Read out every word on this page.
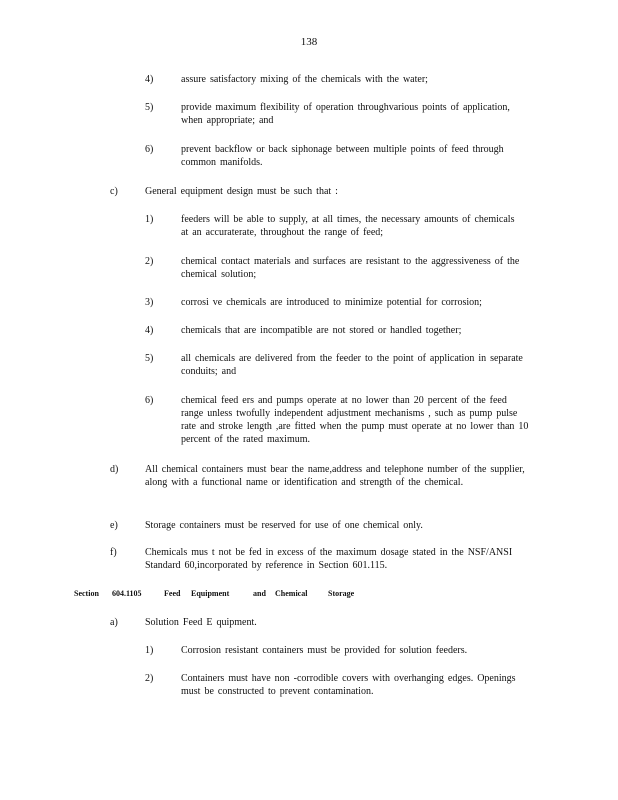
138
4)	assure satisfactory mixing of the chemicals with the water;
5)	provide maximum flexibility of operation throughvarious points of application, when appropriate; and
6)	prevent backflow or back siphonage between multiple points of feed through common manifolds.
c)	General equipment design must be such that :
1)	feeders will be able to supply, at all times, the necessary amounts of chemicals at an accuraterate, throughout the range of feed;
2)	chemical contact materials and surfaces are resistant to the aggressiveness of the chemical solution;
3)	corrosi ve chemicals are introduced to minimize potential for corrosion;
4)	chemicals that are incompatible are not stored or handled together;
5)	all chemicals are delivered from the feeder to the point of application in separate conduits; and
6)	chemical feed ers and pumps operate at no lower than 20 percent of the feed range unless twofully independent adjustment mechanisms , such as pump pulse rate and stroke length ,are fitted when the pump must operate at no lower than 10 percent of the rated maximum.
d)	All chemical containers must bear the name,address and telephone number of the supplier, along with a functional name or identification and strength of the chemical.
e)	Storage containers must be reserved for use of one chemical only.
f)	Chemicals mus t not be fed in excess of the maximum dosage stated in the NSF/ANSI Standard 60,incorporated by reference in Section 601.115.
Section 604.1105	Feed Equipment	and Chemical	Storage
a)	Solution Feed E quipment.
1)	Corrosion resistant containers must be provided for solution feeders.
2)	Containers must have non -corrodible covers with overhanging edges. Openings must be constructed to prevent contamination.
